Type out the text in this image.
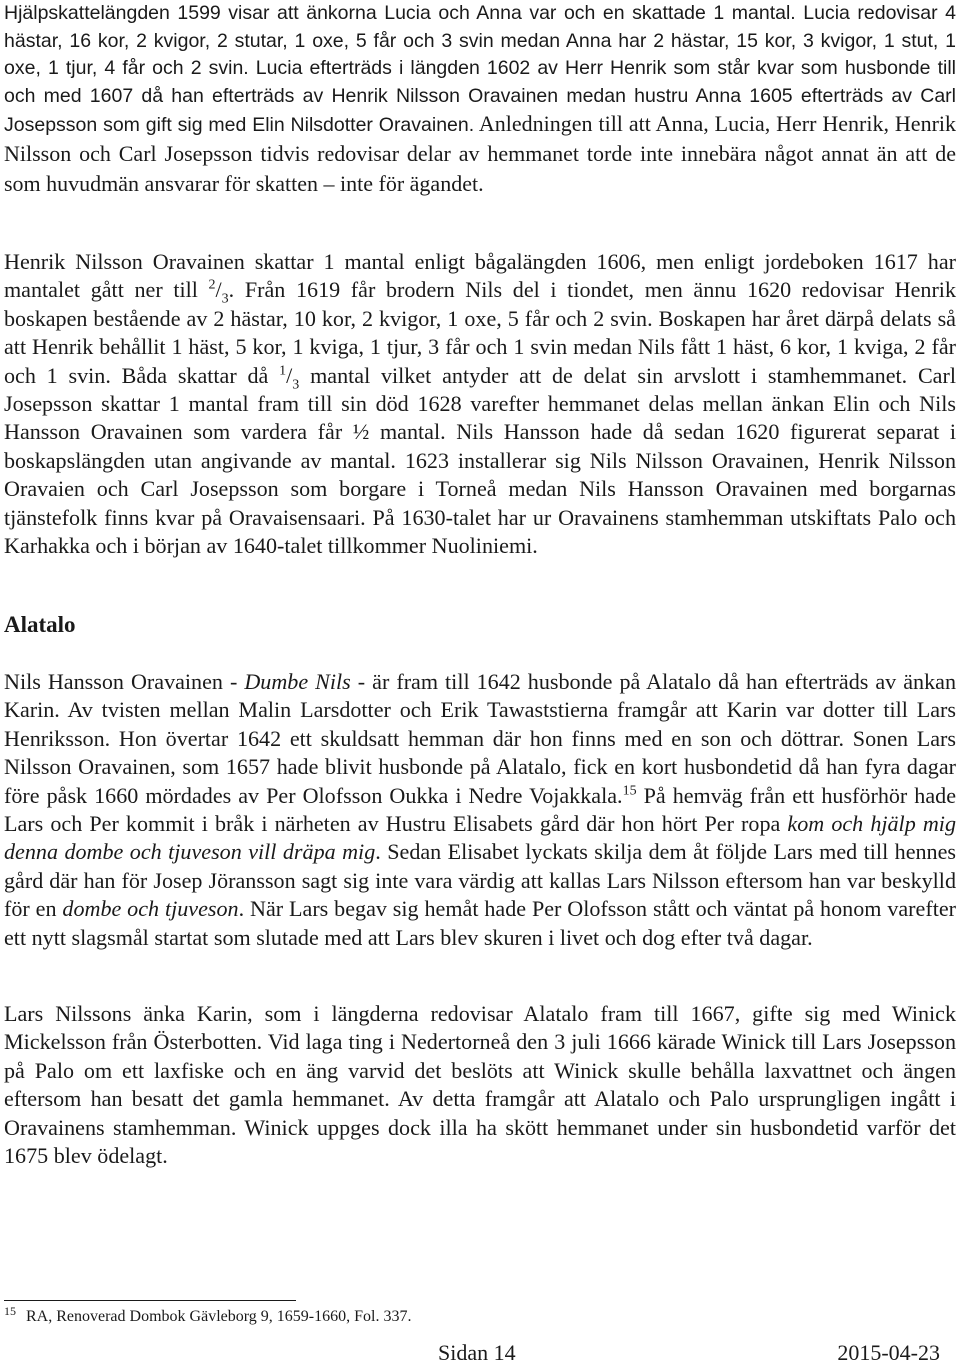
Hjälpskattelängden 1599 visar att änkorna Lucia och Anna var och en skattade 1 mantal. Lucia redovisar 4 hästar, 16 kor, 2 kvigor, 2 stutar, 1 oxe, 5 får och 3 svin medan Anna har 2 hästar, 15 kor, 3 kvigor, 1 stut, 1 oxe, 1 tjur, 4 får och 2 svin. Lucia efterträds i längden 1602 av Herr Henrik som står kvar som husbonde till och med 1607 då han efterträds av Henrik Nilsson Oravainen medan hustru Anna 1605 efterträds av Carl Josepsson som gift sig med Elin Nilsdotter Oravainen. Anledningen till att Anna, Lucia, Herr Henrik, Henrik Nilsson och Carl Josepsson tidvis redovisar delar av hemmanet torde inte innebära något annat än att de som huvudmän ansvarar för skatten – inte för ägandet.

Henrik Nilsson Oravainen skattar 1 mantal enligt bågalängden 1606, men enligt jordeboken 1617 har mantalet gått ner till $^2/_3$. Från 1619 får brodern Nils del i tiondet, men ännu 1620 redovisar Henrik boskapen bestående av 2 hästar, 10 kor, 2 kvigor, 1 oxe, 5 får och 2 svin. Boskapen har året därpå delats så att Henrik behållit 1 häst, 5 kor, 1 kviga, 1 tjur, 3 får och 1 svin medan Nils fått 1 häst, 6 kor, 1 kviga, 2 får och 1 svin. Båda skattar då $^1/_3$ mantal vilket antyder att de delat sin arvslott i stamhemmanet. Carl Josepsson skattar 1 mantal fram till sin död 1628 varefter hemmanet delas mellan änkan Elin och Nils Hansson Oravainen som vardera får ½ mantal. Nils Hansson hade då sedan 1620 figurerat separat i boskapslängden utan angivande av mantal. 1623 installerar sig Nils Nilsson Oravainen, Henrik Nilsson Oravaien och Carl Josepsson som borgare i Torneå medan Nils Hansson Oravainen med borgarnas tjänstefolk finns kvar på Oravaisensaari. På 1630-talet har ur Oravainens stamhemman utskiftats Palo och Karhakka och i början av 1640-talet tillkommer Nuoliniemi.

Alatalo

Nils Hansson Oravainen - Dumbe Nils - är fram till 1642 husbonde på Alatalo då han efterträds av änkan Karin. Av tvisten mellan Malin Larsdotter och Erik Tawaststierna framgår att Karin var dotter till Lars Henriksson. Hon övertar 1642 ett skuldsatt hemman där hon finns med en son och döttrar. Sonen Lars Nilsson Oravainen, som 1657 hade blivit husbonde på Alatalo, fick en kort husbondetid då han fyra dagar före påsk 1660 mördades av Per Olofsson Oukka i Nedre Vojakkala.$^{15}$ På hemväg från ett husförhör hade Lars och Per kommit i bråk i närheten av Hustru Elisabets gård där hon hört Per ropa kom och hjälp mig denna dombe och tjuveson vill dräpa mig. Sedan Elisabet lyckats skilja dem åt följde Lars med till hennes gård där han för Josep Jöransson sagt sig inte vara värdig att kallas Lars Nilsson eftersom han var beskylld för en dombe och tjuveson. När Lars begav sig hemåt hade Per Olofsson stått och väntat på honom varefter ett nytt slagsmål startat som slutade med att Lars blev skuren i livet och dog efter två dagar.

Lars Nilssons änka Karin, som i längderna redovisar Alatalo fram till 1667, gifte sig med Winick Mickelsson från Österbotten. Vid laga ting i Nedertorneå den 3 juli 1666 kärade Winick till Lars Josepsson på Palo om ett laxfiske och en äng varvid det beslöts att Winick skulle behålla laxvattnet och ängen eftersom han besatt det gamla hemmanet. Av detta framgår att Alatalo och Palo ursprungligen ingått i Oravainens stamhemman. Winick uppges dock illa ha skött hemmanet under sin husbondetid varför det 1675 blev ödelagt.

$^{15}$ RA, Renoverad Dombok Gävleborg 9, 1659-1660, Fol. 337.
Sidan 14	2015-04-23
